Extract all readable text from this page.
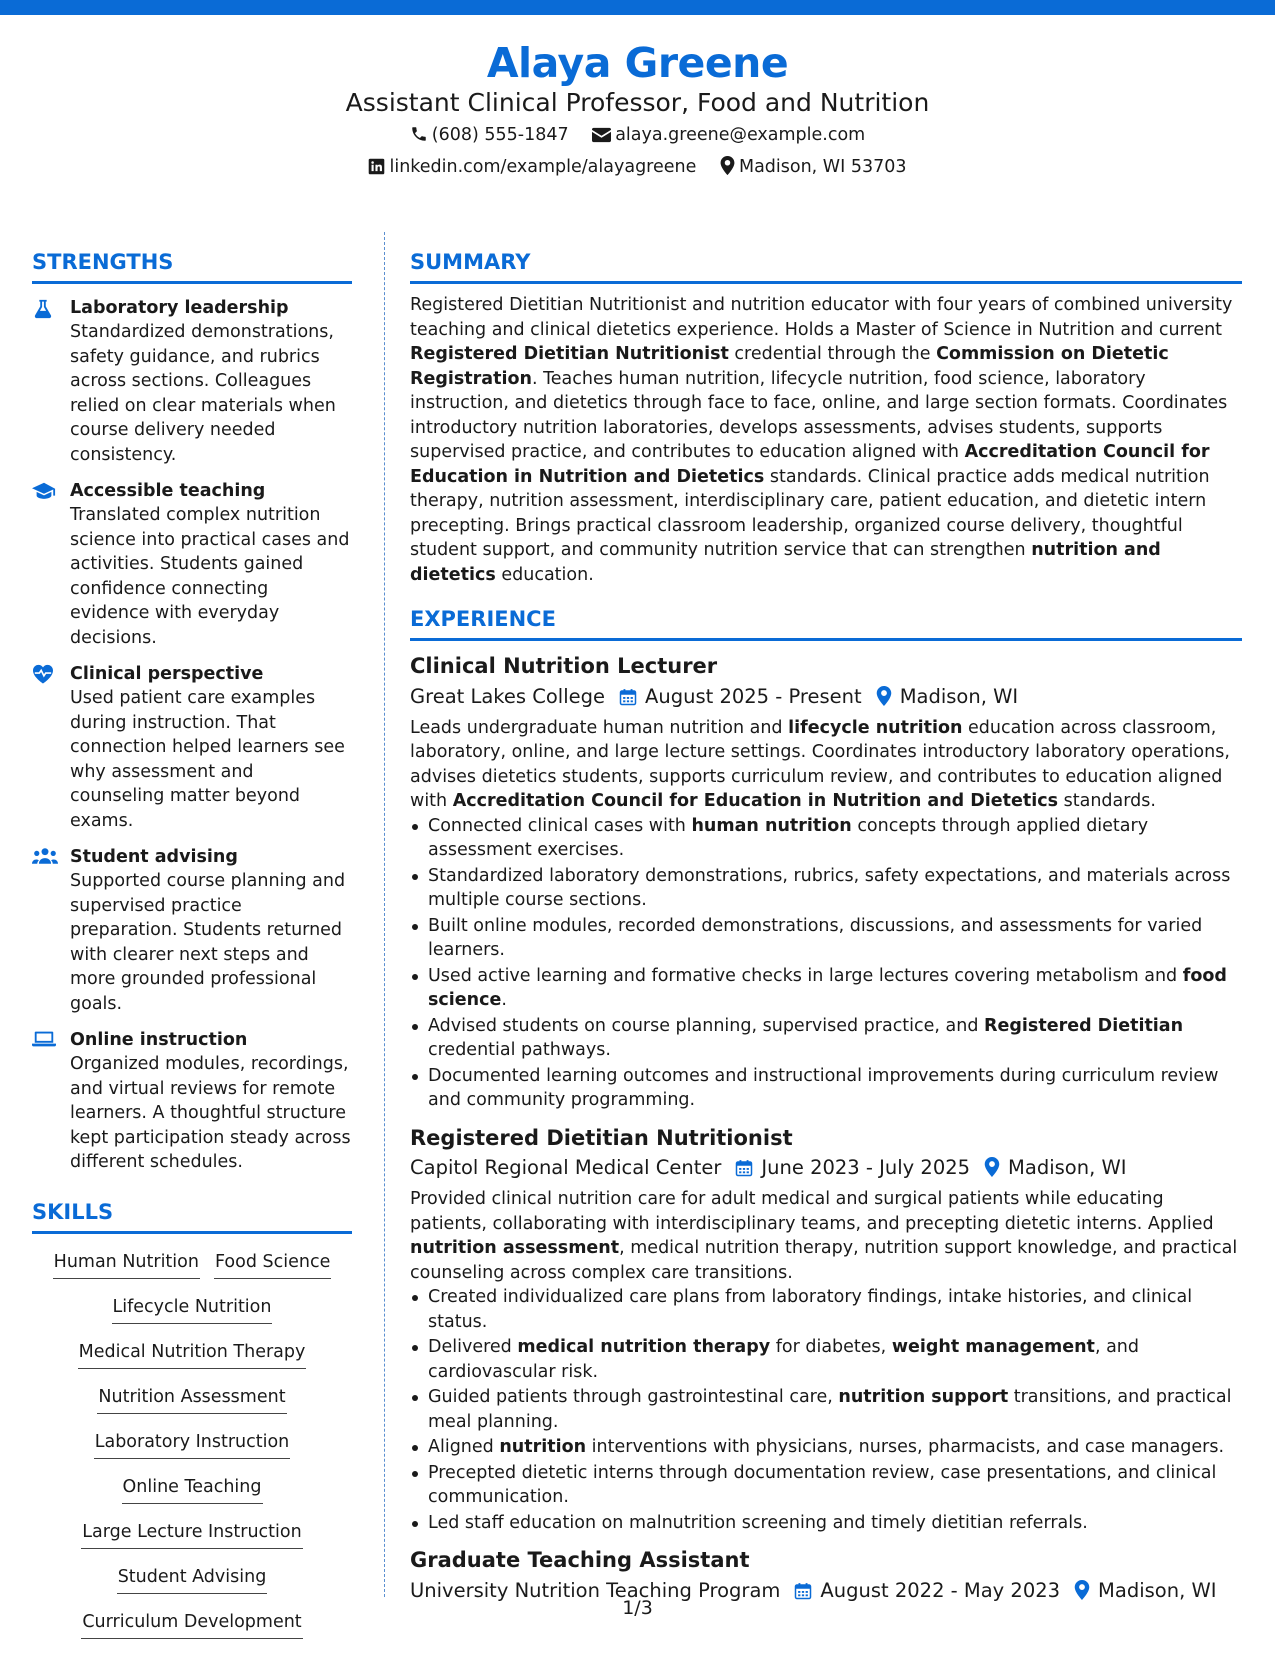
Alaya Greene
Assistant Clinical Professor, Food and Nutrition
(608) 555-1847	alaya.greene@example.com
linkedin.com/example/alayagreene Madison, WI 53703
STRENGTHS
Laboratory leadership
Standardized demonstrations, safety guidance, and rubrics across sections. Colleagues relied on clear materials when course delivery needed consistency.
Accessible teaching
Translated complex nutrition science into practical cases and activities. Students gained confidence connecting evidence with everyday decisions.
Clinical perspective
Used patient care examples during instruction. That connection helped learners see why assessment and counseling matter beyond exams.
Student advising
Supported course planning and supervised practice preparation. Students returned with clearer next steps and more grounded professional goals.
Online instruction
Organized modules, recordings, and virtual reviews for remote learners. A thoughtful structure kept participation steady across different schedules.
SKILLS
Human Nutrition Food Science
Lifecycle Nutrition
Medical Nutrition Therapy
Nutrition Assessment
Laboratory Instruction
Online Teaching
Large Lecture Instruction
Student Advising
Curriculum Development
SUMMARY
Registered Dietitian Nutritionist and nutrition educator with four years of combined university teaching and clinical dietetics experience. Holds a Master of Science in Nutrition and current Registered Dietitian Nutritionist credential through the Commission on Dietetic Registration. Teaches human nutrition, lifecycle nutrition, food science, laboratory instruction, and dietetics through face to face, online, and large section formats. Coordinates introductory nutrition laboratories, develops assessments, advises students, supports supervised practice, and contributes to education aligned with Accreditation Council for Education in Nutrition and Dietetics standards. Clinical practice adds medical nutrition therapy, nutrition assessment, interdisciplinary care, patient education, and dietetic intern precepting. Brings practical classroom leadership, organized course delivery, thoughtful student support, and community nutrition service that can strengthen nutrition and dietetics education.
EXPERIENCE
Clinical Nutrition Lecturer
Great Lakes College August 2025 - Present Madison, WI
Leads undergraduate human nutrition and lifecycle nutrition education across classroom, laboratory, online, and large lecture settings. Coordinates introductory laboratory operations, advises dietetics students, supports curriculum review, and contributes to education aligned with Accreditation Council for Education in Nutrition and Dietetics standards.
Connected clinical cases with human nutrition concepts through applied dietary assessment exercises.
Standardized laboratory demonstrations, rubrics, safety expectations, and materials across multiple course sections.
Built online modules, recorded demonstrations, discussions, and assessments for varied learners.
Used active learning and formative checks in large lectures covering metabolism and food science.
Advised students on course planning, supervised practice, and Registered Dietitian credential pathways.
Documented learning outcomes and instructional improvements during curriculum review and community programming.
Registered Dietitian Nutritionist
Capitol Regional Medical Center June 2023 - July 2025 Madison, WI
Provided clinical nutrition care for adult medical and surgical patients while educating patients, collaborating with interdisciplinary teams, and precepting dietetic interns. Applied nutrition assessment, medical nutrition therapy, nutrition support knowledge, and practical counseling across complex care transitions.
Created individualized care plans from laboratory findings, intake histories, and clinical status.
Delivered medical nutrition therapy for diabetes, weight management, and cardiovascular risk.
Guided patients through gastrointestinal care, nutrition support transitions, and practical meal planning.
Aligned nutrition interventions with physicians, nurses, pharmacists, and case managers.
Precepted dietetic interns through documentation review, case presentations, and clinical communication.
Led staff education on malnutrition screening and timely dietitian referrals.
Graduate Teaching Assistant
University Nutrition Teaching Program August 2022 - May 2023 Madison, WI
1/3
